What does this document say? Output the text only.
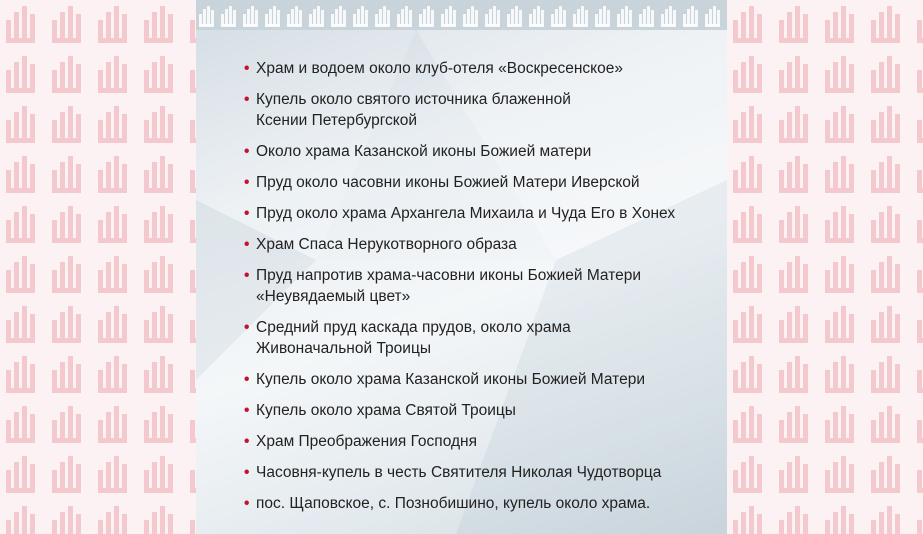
• Храм и водоем около клуб-отеля «Воскресенское»
• Купель около святого источника блаженной
Ксении Петербургской
• Около храма Казанской иконы Божией матери
• Пруд около часовни иконы Божией Матери Иверской
• Пруд около храма Архангела Михаила и Чуда Его в Хонех
• Храм Спаса Нерукотворного образа
• Пруд напротив храма-часовни иконы Божией Матери
«Неувядаемый цвет»
• Средний пруд каскада прудов, около храма
Живоначальной Троицы
• Купель около храма Казанской иконы Божией Матери
• Купель около храма Святой Троицы
• Храм Преображения Господня
• Часовня-купель в честь Святителя Николая Чудотворца
• пос. Щаповское, с. Познобишино, купель около храма.
